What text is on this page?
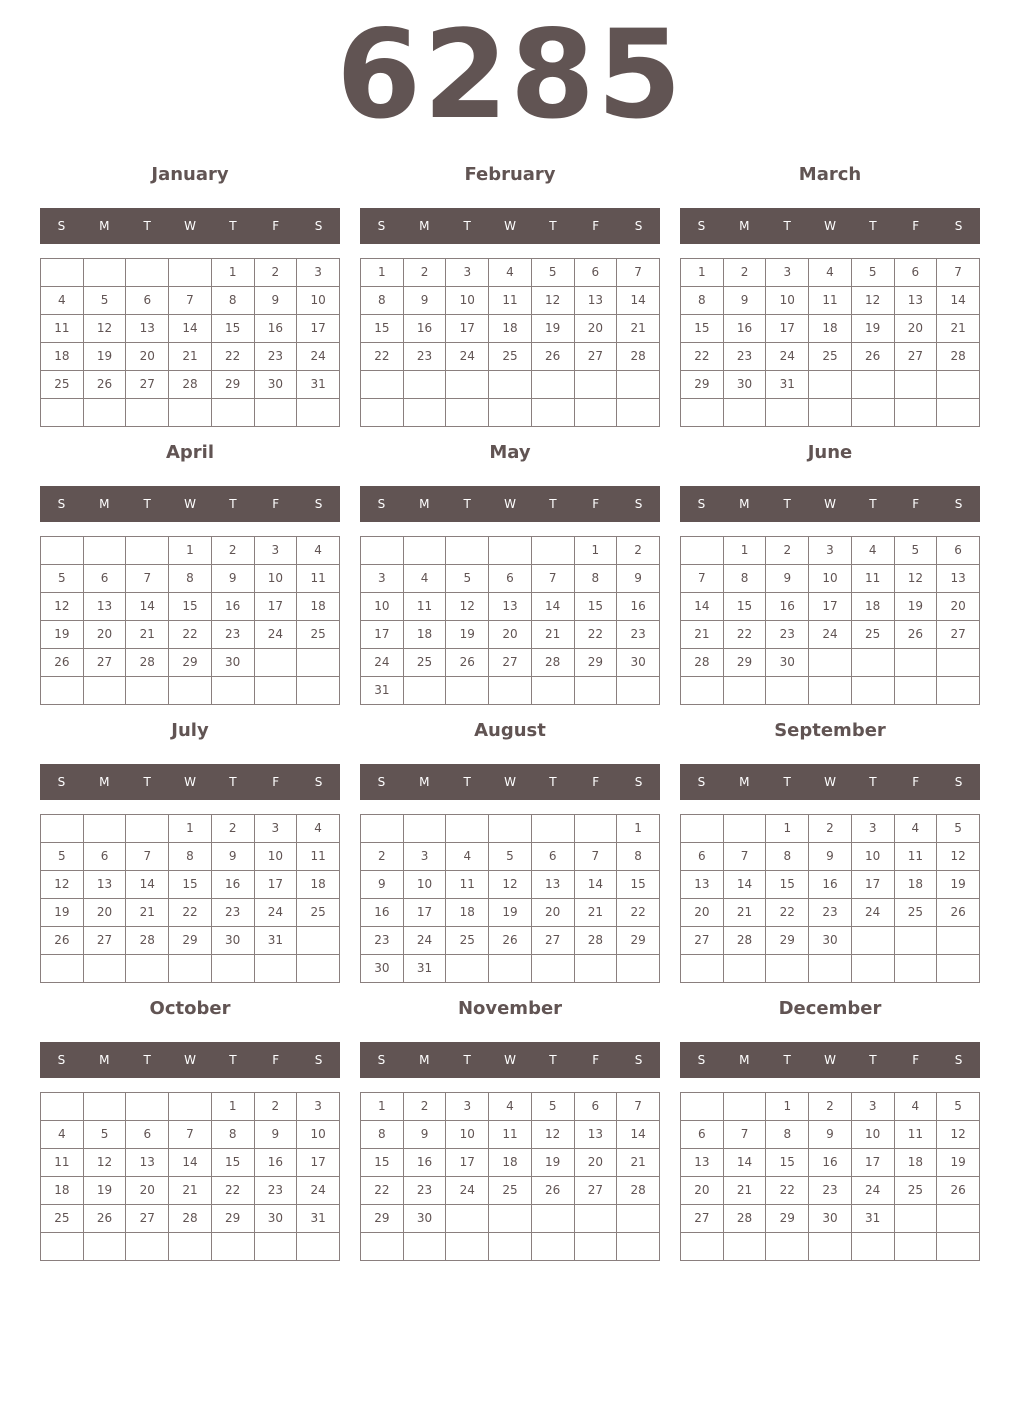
6285
January
S	M	T	W	T	F	S
				1	2	3
4	5	6	7	8	9	10
11	12	13	14	15	16	17
18	19	20	21	22	23	24
25	26	27	28	29	30	31

February
S	M	T	W	T	F	S
1	2	3	4	5	6	7
8	9	10	11	12	13	14
15	16	17	18	19	20	21
22	23	24	25	26	27	28

March
S	M	T	W	T	F	S
1	2	3	4	5	6	7
8	9	10	11	12	13	14
15	16	17	18	19	20	21
22	23	24	25	26	27	28
29	30	31				

April
S	M	T	W	T	F	S
			1	2	3	4
5	6	7	8	9	10	11
12	13	14	15	16	17	18
19	20	21	22	23	24	25
26	27	28	29	30		

May
S	M	T	W	T	F	S
					1	2
3	4	5	6	7	8	9
10	11	12	13	14	15	16
17	18	19	20	21	22	23
24	25	26	27	28	29	30
31						
June
S	M	T	W	T	F	S
	1	2	3	4	5	6
7	8	9	10	11	12	13
14	15	16	17	18	19	20
21	22	23	24	25	26	27
28	29	30				

July
S	M	T	W	T	F	S
			1	2	3	4
5	6	7	8	9	10	11
12	13	14	15	16	17	18
19	20	21	22	23	24	25
26	27	28	29	30	31	

August
S	M	T	W	T	F	S
						1
2	3	4	5	6	7	8
9	10	11	12	13	14	15
16	17	18	19	20	21	22
23	24	25	26	27	28	29
30	31					
September
S	M	T	W	T	F	S
		1	2	3	4	5
6	7	8	9	10	11	12
13	14	15	16	17	18	19
20	21	22	23	24	25	26
27	28	29	30			

October
S	M	T	W	T	F	S
				1	2	3
4	5	6	7	8	9	10
11	12	13	14	15	16	17
18	19	20	21	22	23	24
25	26	27	28	29	30	31

November
S	M	T	W	T	F	S
1	2	3	4	5	6	7
8	9	10	11	12	13	14
15	16	17	18	19	20	21
22	23	24	25	26	27	28
29	30					

December
S	M	T	W	T	F	S
		1	2	3	4	5
6	7	8	9	10	11	12
13	14	15	16	17	18	19
20	21	22	23	24	25	26
27	28	29	30	31		
